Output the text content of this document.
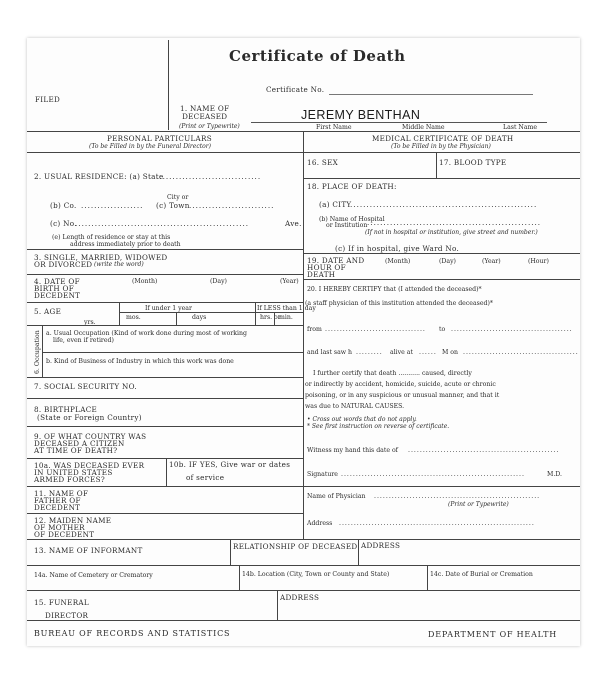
Certificate of Death
FILED
Certificate No.
1. NAME OF
DECEASED
(Print or Typewrite)
JEREMY BENTHAN
First Name	Middle Name	Last Name
PERSONAL PARTICULARS
(To be Filled in by the Funeral Director)
MEDICAL CERTIFICATE OF DEATH
(To be Filled in by the Physician)
2. USUAL RESIDENCE: (a) State
................................
City or
(b) Co. ................... (c) Town ..........................
(c) No.
.....................................................	Ave.
(e) Length of residence or stay at this
address immediately prior to death
3. SINGLE, MARRIED, WIDOWED
OR DIVORCED (write the word)
4. DATE OF
BIRTH OF
DECEDENT
(Month)	(Day)	(Year)
5. AGE
yrs.
If under 1 year	If LESS than 1 day
mos.	days	hrs. or
min.
6. Occupation a. Usual Occupation (Kind of work done during most of working
life, even if retired)
b. Kind of Business of Industry in which this work was done
7. SOCIAL SECURITY NO.
8. BIRTHPLACE
(State or Foreign Country)
9. OF WHAT COUNTRY WAS
DECEASED A CITIZEN
AT TIME OF DEATH?
10a. WAS DECEASED EVER
IN UNITED STATES
ARMED FORCES?
10b. IF YES, Give war or dates
of service
11. NAME OF
FATHER OF
DECEDENT
12. MAIDEN NAME
OF MOTHER
OF DECEDENT
16. SEX	17. BLOOD TYPE
18. PLACE OF DEATH:
(a) CITY
.........................................................
(b) Name of Hospital
or Institution .....................................................
(If not in hospital or institution, give street and number.)
(c) If in hospital, give Ward No.
19. DATE AND
HOUR OF
DEATH
(Month)	(Day)	(Year)	(Hour)
20. I HEREBY CERTIFY that (I attended the deceased)*
(a staff physician of this institution attended the deceased)*
from .................................. to .........................................
and last saw h ......... alive at ...... M on .......................................
I further certify that death ........... caused, directly
or indirectly by accident, homicide, suicide, acute or chronic
poisoning, or in any suspicious or unusual manner, and that it
was due to NATURAL CAUSES.
• Cross out words that do not apply.
* See first instruction on reverse of certificate.
Witness my hand this date of ...................................................
Signature ..............................................................	M.D.
Name of Physician ........................................................
(Print or Typewrite)
Address ..................................................................
13. NAME OF INFORMANT	RELATIONSHIP OF DECEASED ADDRESS
14a. Name of Cemetery or Crematory	14b. Location (City, Town or County and State)	14c. Date of Burial or Cremation
15. FUNERAL
DIRECTOR
ADDRESS
BUREAU OF RECORDS AND STATISTICS	DEPARTMENT OF HEALTH
